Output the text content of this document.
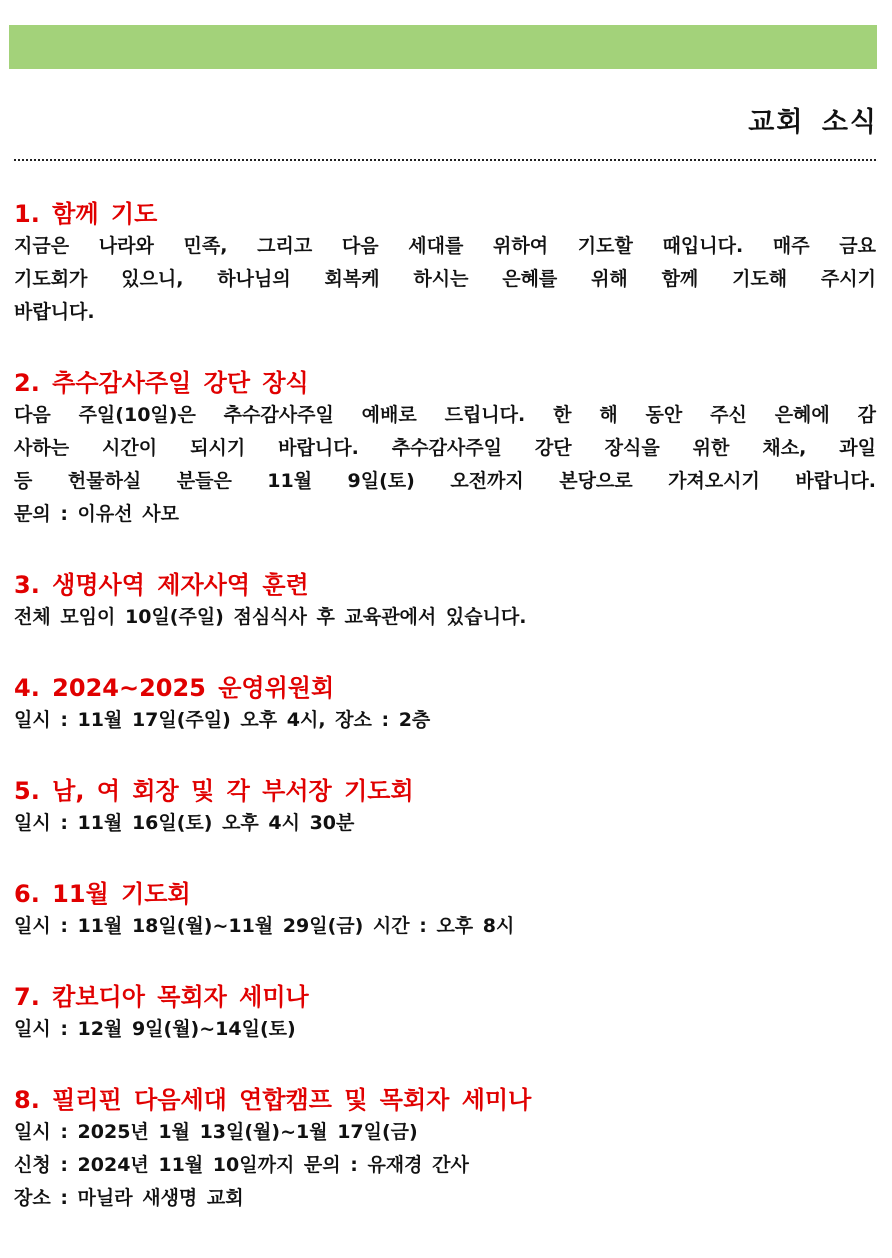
교회 소식
1. 함께 기도
지금은 나라와 민족, 그리고 다음 세대를 위하여 기도할 때입니다. 매주 금요
기도회가 있으니, 하나님의 회복케 하시는 은혜를 위해 함께 기도해 주시기
바랍니다.
2. 추수감사주일 강단 장식
다음 주일(10일)은 추수감사주일 예배로 드립니다. 한 해 동안 주신 은혜에 감
사하는 시간이 되시기 바랍니다. 추수감사주일 강단 장식을 위한 채소, 과일
등 헌물하실 분들은 11월 9일(토) 오전까지 본당으로 가져오시기 바랍니다.
문의 : 이유선 사모
3. 생명사역 제자사역 훈련
전체 모임이 10일(주일) 점심식사 후 교육관에서 있습니다.
4. 2024~2025 운영위원회
일시 : 11월 17일(주일) 오후 4시, 장소 : 2층
5. 남, 여 회장 및 각 부서장 기도회
일시 : 11월 16일(토) 오후 4시 30분
6. 11월 기도회
일시 : 11월 18일(월)~11월 29일(금) 시간 : 오후 8시
7. 캄보디아 목회자 세미나
일시 : 12월 9일(월)~14일(토)
8. 필리핀 다음세대 연합캠프 및 목회자 세미나
일시 : 2025년 1월 13일(월)~1월 17일(금)
신청 : 2024년 11월 10일까지 문의 : 유재경 간사
장소 : 마닐라 새생명 교회
